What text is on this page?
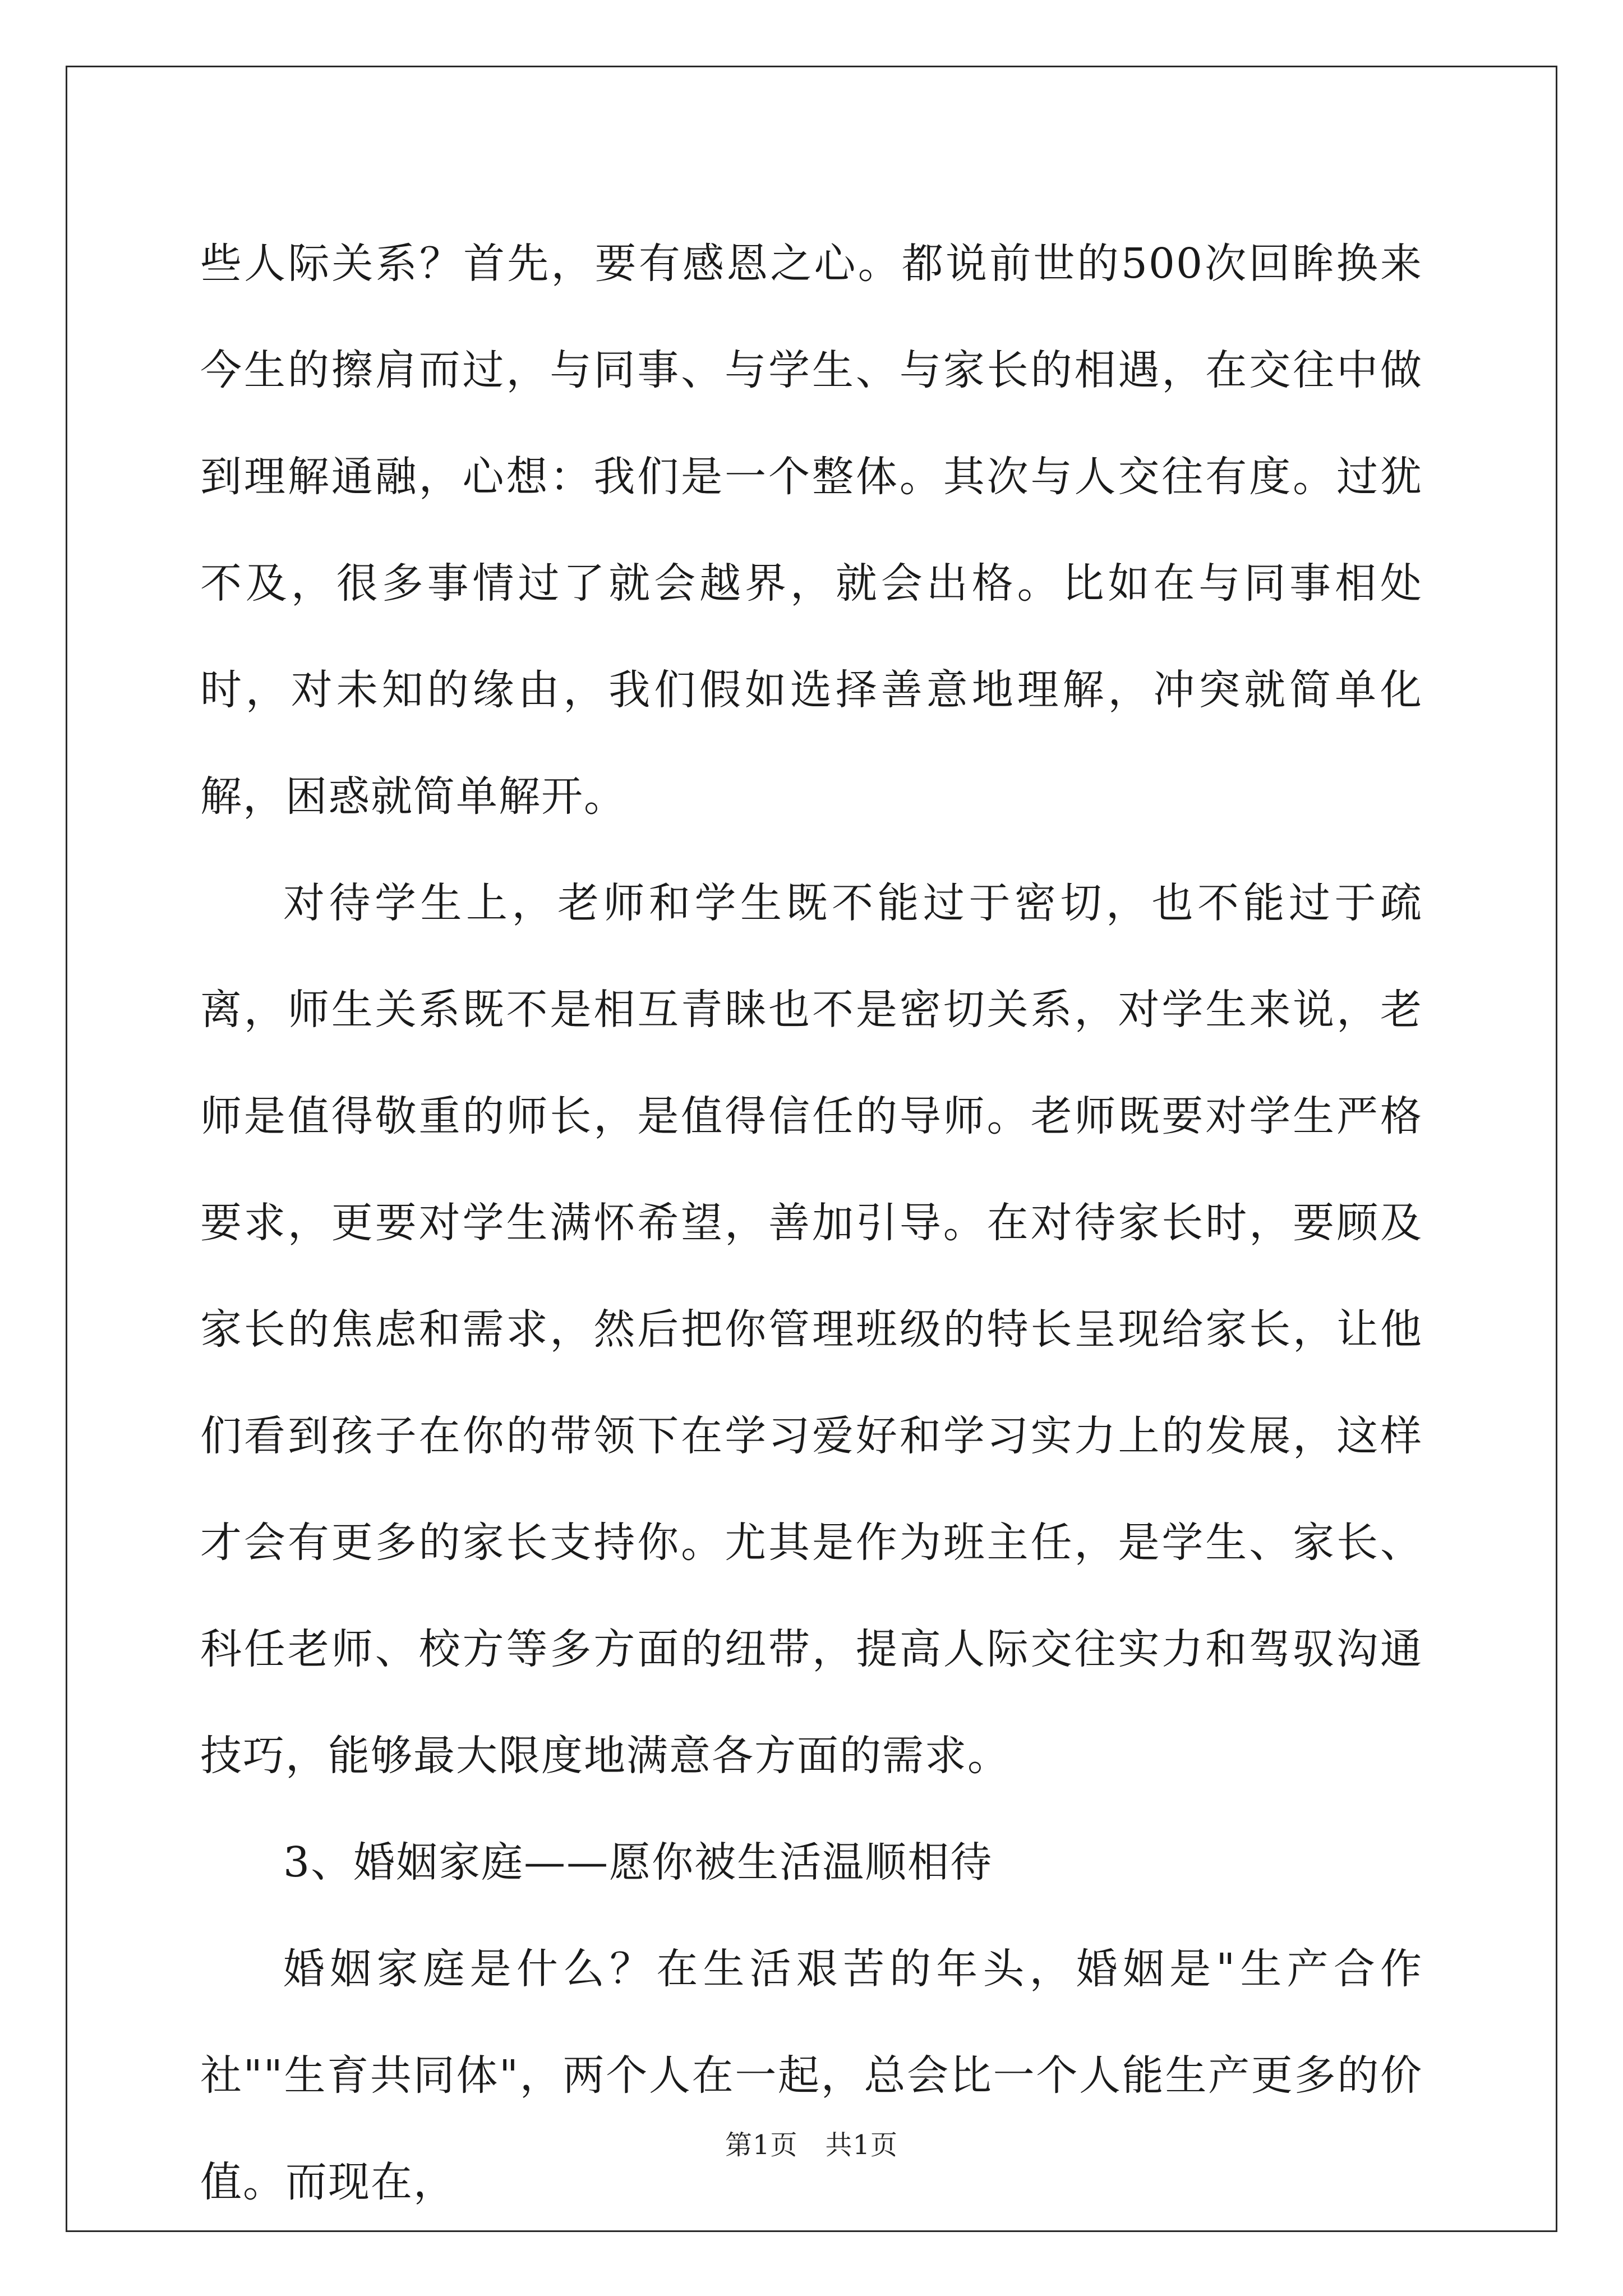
些人际关系？首先，要有感恩之心。都说前世的500次回眸换来今生的擦肩而过，与同事、与学生、与家长的相遇，在交往中做到理解通融，心想：我们是一个整体。其次与人交往有度。过犹不及，很多事情过了就会越界，就会出格。比如在与同事相处时，对未知的缘由，我们假如选择善意地理解，冲突就简单化解，困惑就简单解开。

对待学生上，老师和学生既不能过于密切，也不能过于疏离，师生关系既不是相互青睐也不是密切关系，对学生来说，老师是值得敬重的师长，是值得信任的导师。老师既要对学生严格要求，更要对学生满怀希望，善加引导。在对待家长时，要顾及家长的焦虑和需求，然后把你管理班级的特长呈现给家长，让他们看到孩子在你的带领下在学习爱好和学习实力上的发展，这样才会有更多的家长支持你。尤其是作为班主任，是学生、家长、科任老师、校方等多方面的纽带，提高人际交往实力和驾驭沟通技巧，能够最大限度地满意各方面的需求。

3、婚姻家庭——愿你被生活温顺相待

婚姻家庭是什么？在生活艰苦的年头，婚姻是"生产合作社""生育共同体"，两个人在一起，总会比一个人能生产更多的价值。而现在，

第1页　共1页
